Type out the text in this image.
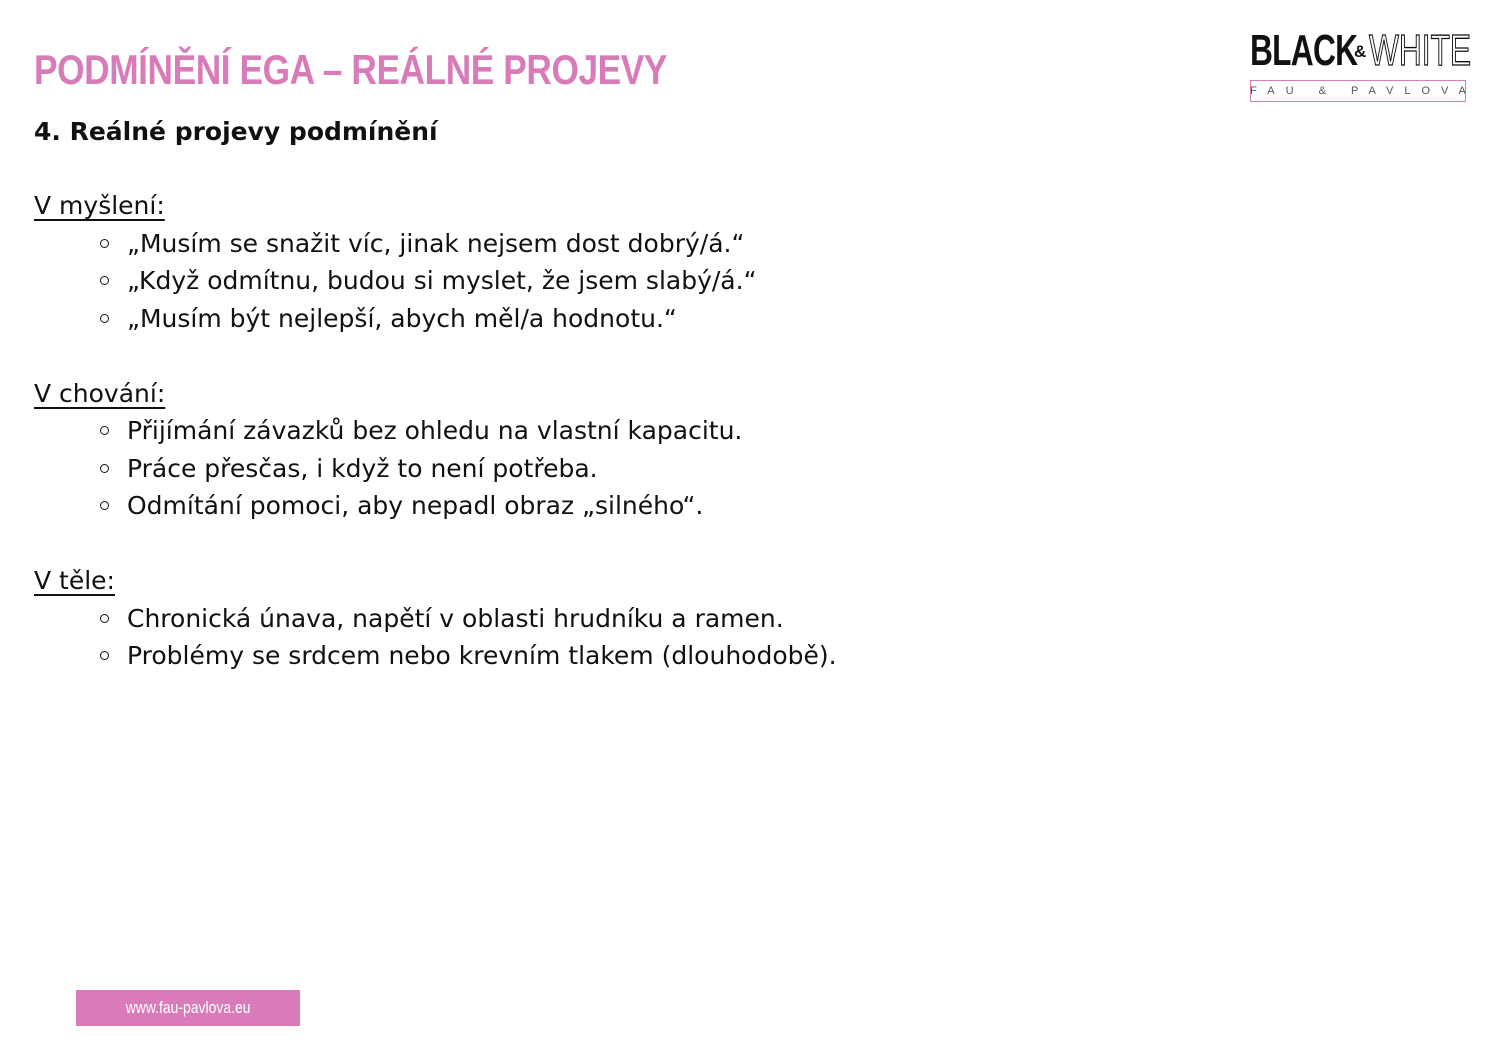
PODMÍNĚNÍ EGA – REÁLNÉ PROJEVY
4. Reálné projevy podmínění
BLACK
& WHITE
FAU & PAVLOVA
V myšlení:
„Musím se snažit víc, jinak nejsem dost dobrý/á.“
„Když odmítnu, budou si myslet, že jsem slabý/á.“
„Musím být nejlepší, abych měl/a hodnotu.“
V chování:
Přijímání závazků bez ohledu na vlastní kapacitu.
Práce přesčas, i když to není potřeba.
Odmítání pomoci, aby nepadl obraz „silného“.
V těle:
Chronická únava, napětí v oblasti hrudníku a ramen.
Problémy se srdcem nebo krevním tlakem (dlouhodobě).
www.fau-pavlova.eu
